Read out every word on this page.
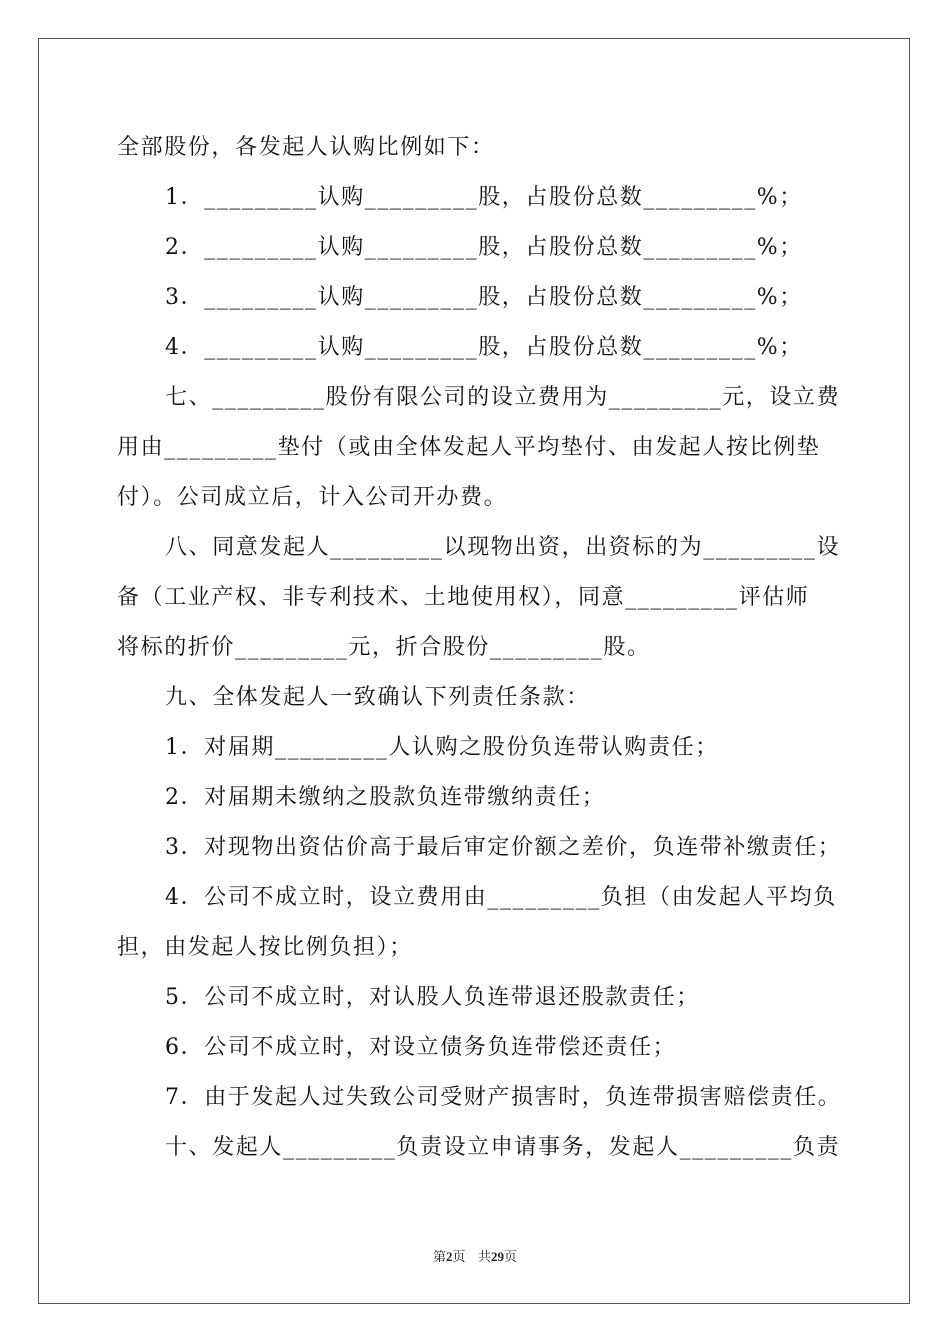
全部股份，各发起人认购比例如下：
1．_________认购_________股，占股份总数_________%；
2．_________认购_________股，占股份总数_________%；
3．_________认购_________股，占股份总数_________%；
4．_________认购_________股，占股份总数_________%；
七、_________股份有限公司的设立费用为_________元，设立费
用由_________垫付（或由全体发起人平均垫付、由发起人按比例垫
付）。公司成立后，计入公司开办费。
八、同意发起人_________以现物出资，出资标的为_________设
备（工业产权、非专利技术、土地使用权），同意_________评估师
将标的折价_________元，折合股份_________股。
九、全体发起人一致确认下列责任条款：
1．对届期_________人认购之股份负连带认购责任；
2．对届期未缴纳之股款负连带缴纳责任；
3．对现物出资估价高于最后审定价额之差价，负连带补缴责任；
4．公司不成立时，设立费用由_________负担（由发起人平均负
担，由发起人按比例负担）；
5．公司不成立时，对认股人负连带退还股款责任；
6．公司不成立时，对设立债务负连带偿还责任；
7．由于发起人过失致公司受财产损害时，负连带损害赔偿责任。
十、发起人_________负责设立申请事务，发起人_________负责
第2页 共29页
